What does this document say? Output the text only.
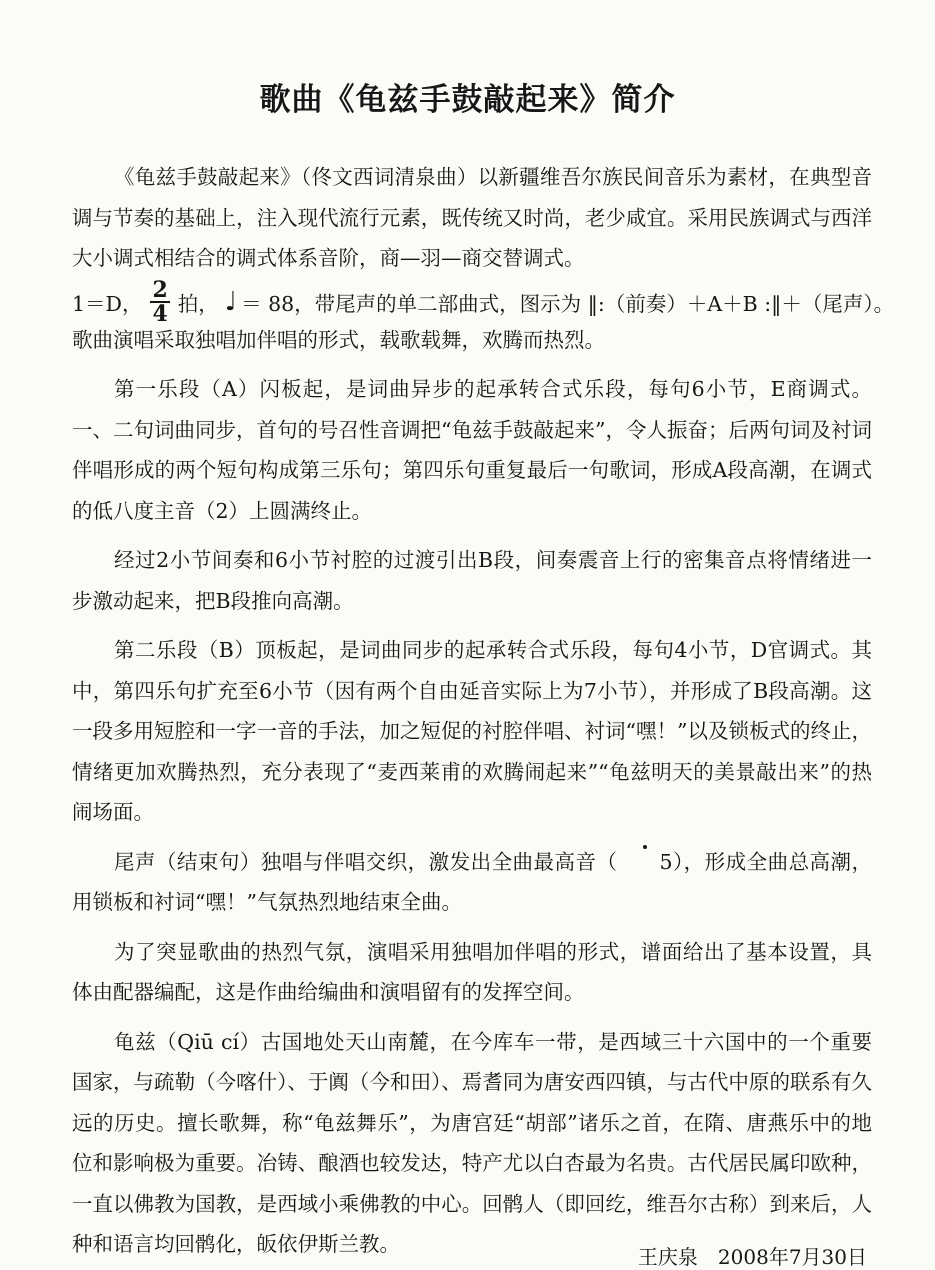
歌曲《龟兹手鼓敲起来》简介

《龟兹手鼓敲起来》（佟文西词清泉曲）以新疆维吾尔族民间音乐为素材，在典型音调与节奏的基础上，注入现代流行元素，既传统又时尚，老少咸宜。采用民族调式与西洋大小调式相结合的调式体系音阶，商—羽—商交替调式。

1＝D， $\frac{2}{4}$ 拍， ♩ ＝ 88，带尾声的单二部曲式，图示为 ‖:（前奏）＋A＋B :‖＋（尾声）。

歌曲演唱采取独唱加伴唱的形式，载歌载舞，欢腾而热烈。

第一乐段（A）闪板起，是词曲异步的起承转合式乐段，每句6小节，E商调式。一、二句词曲同步，首句的号召性音调把“龟兹手鼓敲起来”，令人振奋；后两句词及衬词伴唱形成的两个短句构成第三乐句；第四乐句重复最后一句歌词，形成A段高潮，在调式的低八度主音（2）上圆满终止。

经过2小节间奏和6小节衬腔的过渡引出B段，间奏震音上行的密集音点将情绪进一步激动起来，把B段推向高潮。

第二乐段（B）顶板起，是词曲同步的起承转合式乐段，每句4小节，D官调式。其中，第四乐句扩充至6小节（因有两个自由延音实际上为7小节），并形成了B段高潮。这一段多用短腔和一字一音的手法，加之短促的衬腔伴唱、衬词“嘿！”以及锁板式的终止，情绪更加欢腾热烈，充分表现了“麦西莱甫的欢腾闹起来”“龟兹明天的美景敲出来”的热闹场面。

尾声（结束句）独唱与伴唱交织，激发出全曲最高音（ 5），形成全曲总高潮，用锁板和衬词“嘿！”气氛热烈地结束全曲。

为了突显歌曲的热烈气氛，演唱采用独唱加伴唱的形式，谱面给出了基本设置，具体由配器编配，这是作曲给编曲和演唱留有的发挥空间。

龟兹（Qiū cí）古国地处天山南麓，在今库车一带，是西域三十六国中的一个重要国家，与疏勒（今喀什）、于阗（今和田）、焉耆同为唐安西四镇，与古代中原的联系有久远的历史。擅长歌舞，称“龟兹舞乐”，为唐宫廷“胡部”诸乐之首，在隋、唐燕乐中的地位和影响极为重要。冶铸、酿酒也较发达，特产尤以白杏最为名贵。古代居民属印欧种，一直以佛教为国教，是西域小乘佛教的中心。回鹘人（即回纥，维吾尔古称）到来后，人种和语言均回鹘化，皈依伊斯兰教。

王庆泉　2008年7月30日
